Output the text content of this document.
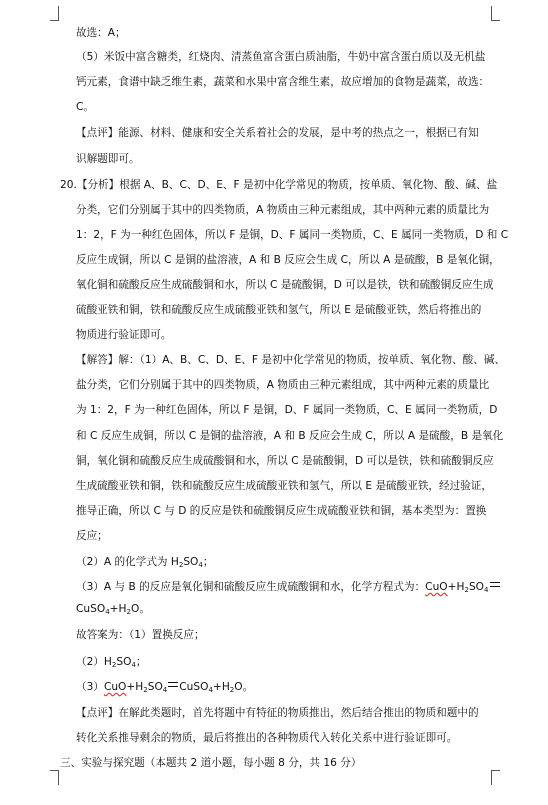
故选：A；
（5）米饭中富含糖类，红烧肉、清蒸鱼富含蛋白质油脂，牛奶中富含蛋白质以及无机盐
钙元素，食谱中缺乏维生素，蔬菜和水果中富含维生素，故应增加的食物是蔬菜，故选：
C。
【点评】能源、材料、健康和安全关系着社会的发展，是中考的热点之一，根据已有知
识解题即可。
20.【分析】根据 A、B、C、D、E、F 是初中化学常见的物质，按单质、氧化物、酸、碱、盐
分类，它们分别属于其中的四类物质，A 物质由三种元素组成，其中两种元素的质量比为
1：2，F 为一种红色固体，所以 F 是铜，D、F 属同一类物质，C、E 属同一类物质，D 和 C
反应生成铜，所以 C 是铜的盐溶液，A 和 B 反应会生成 C，所以 A 是硫酸，B 是氧化铜，
氧化铜和硫酸反应生成硫酸铜和水，所以 C 是硫酸铜，D 可以是铁，铁和硫酸铜反应生成
硫酸亚铁和铜，铁和硫酸反应生成硫酸亚铁和氢气，所以 E 是硫酸亚铁，然后将推出的
物质进行验证即可。
【解答】解：（1）A、B、C、D、E、F 是初中化学常见的物质，按单质、氧化物、酸、碱、
盐分类，它们分别属于其中的四类物质，A 物质由三种元素组成，其中两种元素的质量比
为 1：2，F 为一种红色固体，所以 F 是铜，D、F 属同一类物质，C、E 属同一类物质，D
和 C 反应生成铜，所以 C 是铜的盐溶液，A 和 B 反应会生成 C，所以 A 是硫酸，B 是氧化
铜，氧化铜和硫酸反应生成硫酸铜和水，所以 C 是硫酸铜，D 可以是铁，铁和硫酸铜反应
生成硫酸亚铁和铜，铁和硫酸反应生成硫酸亚铁和氢气，所以 E 是硫酸亚铁，经过验证，
推导正确，所以 C 与 D 的反应是铁和硫酸铜反应生成硫酸亚铁和铜，基本类型为：置换
反应；
（2）A 的化学式为 $H_2SO_4$；
（3）A 与 B 的反应是氧化铜和硫酸反应生成硫酸铜和水，化学方程式为：$CuO+H_2SO_4$
$CuSO_4+H_2O$。
故答案为：（1）置换反应；
$(2)H_2SO_4$；
$(3)CuO+H_2SO_4$ $CuSO_4+H_2O$。
【点评】在解此类题时，首先将题中有特征的物质推出，然后结合推出的物质和题中的
转化关系推导剩余的物质，最后将推出的各种物质代入转化关系中进行验证即可。
三、实验与探究题（本题共 2 道小题，每小题 8 分，共 16 分）
